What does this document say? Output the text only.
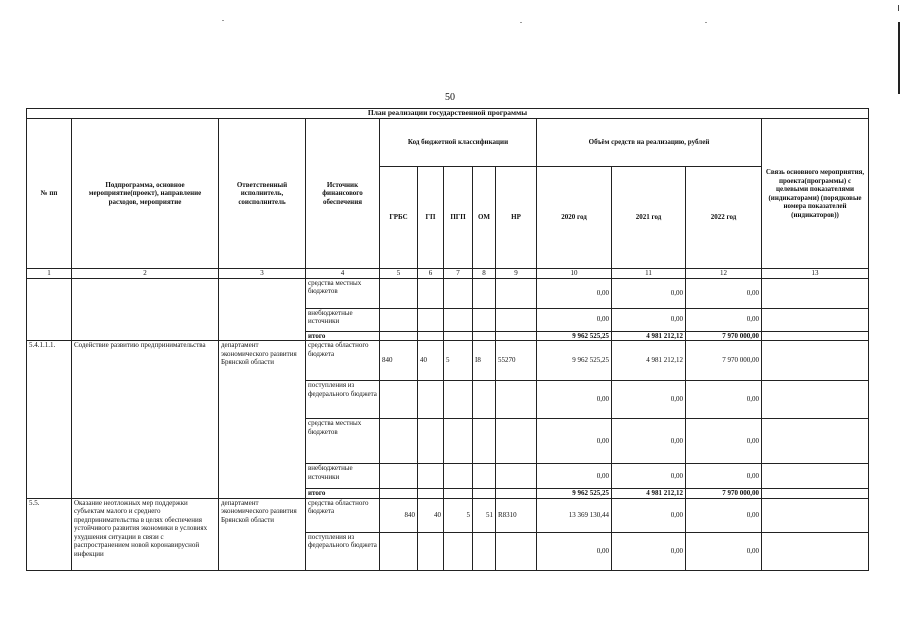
50
План реализации государственной программы												
№ пп	Подпрограмма, основное мероприятие(проект), направление расходов, мероприятие	Ответственный исполнитель, соисполнитель	Источник финансового обеспечения	Код бюджетной классификации					Объём средств на реализацию, рублей			Связь основного мероприятия, проекта(программы) с целевыми показателями (индикаторами) (порядковые номера показателей (индикаторов))
				ГРБС	ГП	ПГП	ОМ	НР	2020 год	2021 год	2022 год	
1	2	3	4	5	6	7	8	9	10	11	12	13
			средства местных бюджетов						0,00	0,00	0,00	
			внебюджетные источники						0,00	0,00	0,00	
			итого						9 962 525,25	4 981 212,12	7 970 000,00	
5.4.1.1.1.	Содействие развитию предпринимательства	департамент экономического развития Брянской области	средства областного бюджета	840	40	5	I8	55270	9 962 525,25	4 981 212,12	7 970 000,00	
			поступления из федерального бюджета						0,00	0,00	0,00	
			средства местных бюджетов						0,00	0,00	0,00	
			внебюджетные источники						0,00	0,00	0,00	
			итого						9 962 525,25	4 981 212,12	7 970 000,00	
5.5.	Оказание неотложных мер поддержки субъектам малого и среднего предпринимательства в целях обеспечения устойчивого развития экономики в условиях ухудшения ситуации в связи с распространением новой коронавирусной инфекции	департамент экономического развития Брянской области	средства областного бюджета	840	40	5	51	R8310	13 369 130,44	0,00	0,00	
			поступления из федерального бюджета						0,00	0,00	0,00	
